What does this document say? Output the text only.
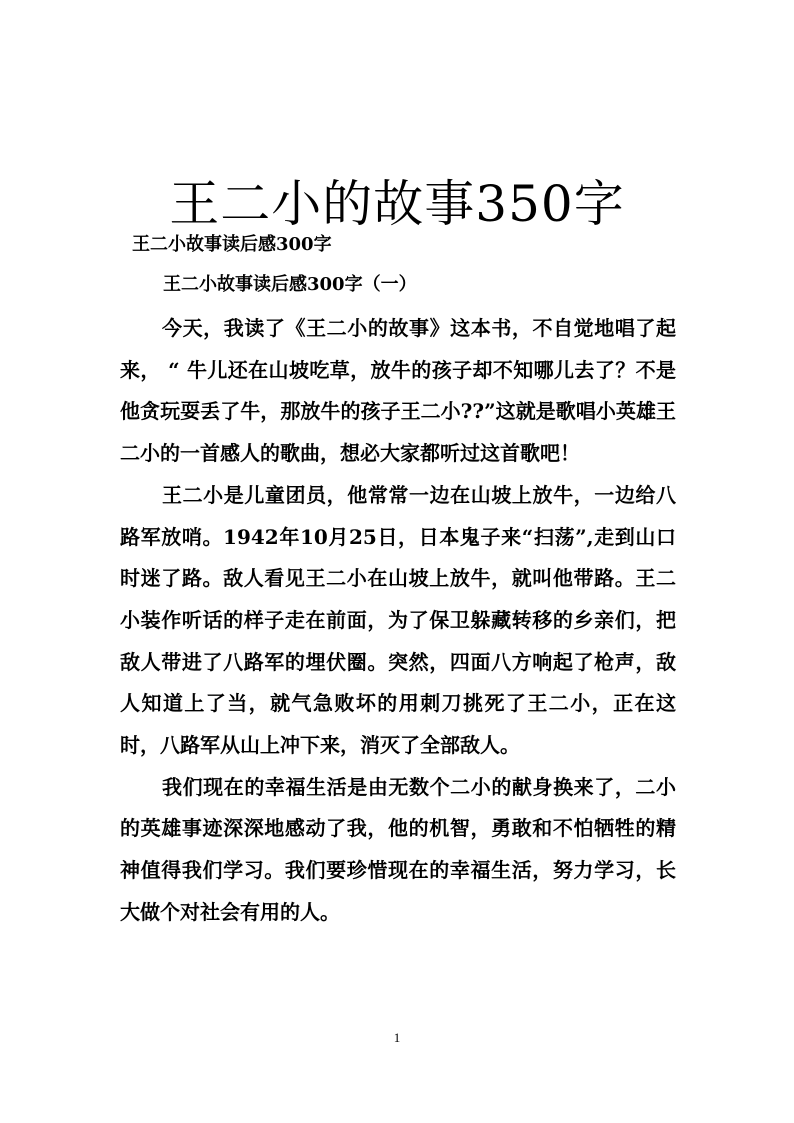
王二小的故事350字
王二小故事读后感300字
王二小故事读后感300字（一）

今天，我读了《王二小的故事》这本书，不自觉地唱了起来， “ 牛儿还在山坡吃草，放牛的孩子却不知哪儿去了？不是他贪玩耍丢了牛，那放牛的孩子王二小??”这就是歌唱小英雄王二小的一首感人的歌曲，想必大家都听过这首歌吧！

王二小是儿童团员，他常常一边在山坡上放牛，一边给八路军放哨。1942年10月25日，日本鬼子来“扫荡”,走到山口时迷了路。敌人看见王二小在山坡上放牛，就叫他带路。王二小装作听话的样子走在前面，为了保卫躲藏转移的乡亲们，把敌人带进了八路军的埋伏圈。突然，四面八方响起了枪声，敌人知道上了当，就气急败坏的用刺刀挑死了王二小，正在这时，八路军从山上冲下来，消灭了全部敌人。

我们现在的幸福生活是由无数个二小的献身换来了，二小的英雄事迹深深地感动了我，他的机智，勇敢和不怕牺牲的精神值得我们学习。我们要珍惜现在的幸福生活，努力学习，长大做个对社会有用的人。

1
